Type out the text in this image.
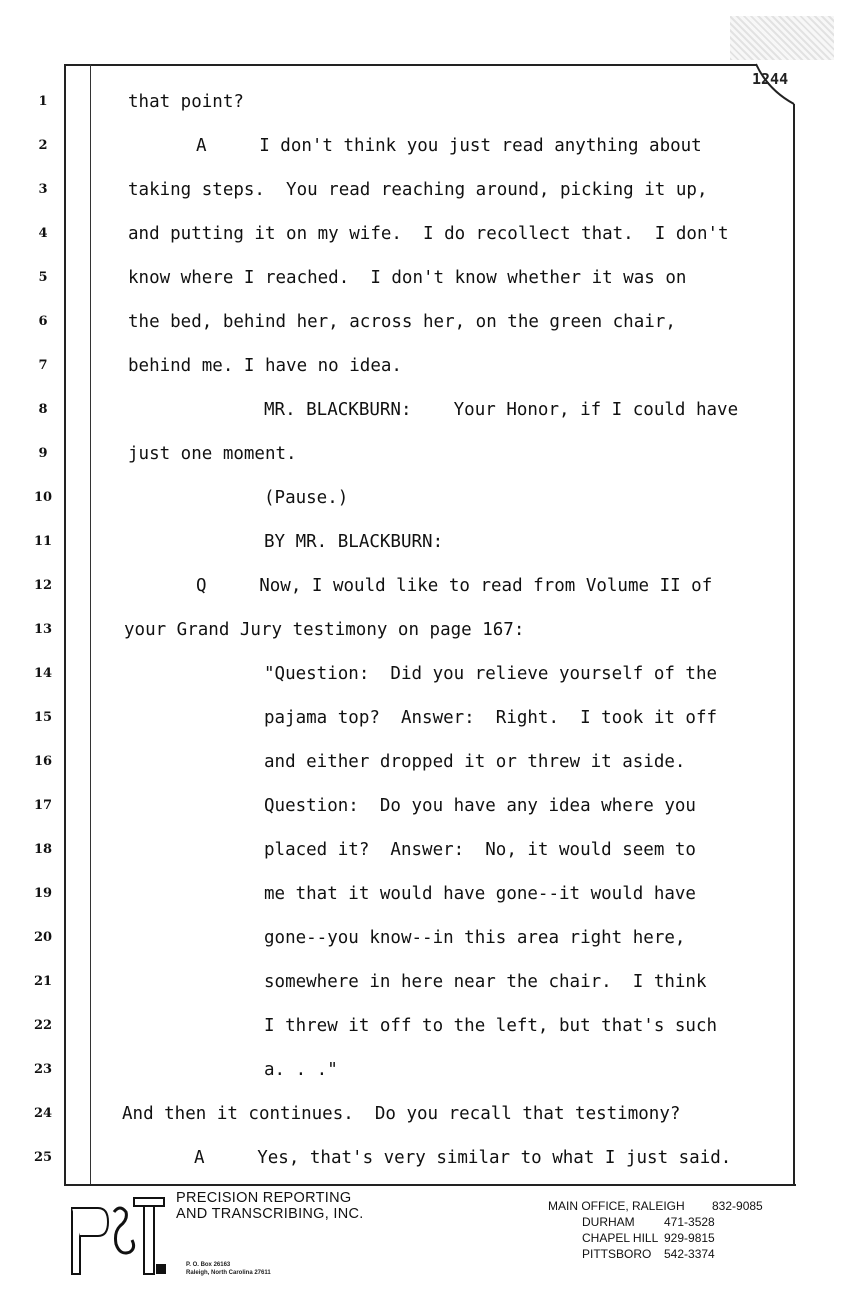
1244
1
2
3
4
5
6
7
8
9
10
11
12
13
14
15
16
17
18
19
20
21
22
23
24
25
that point?
A     I don't think you just read anything about
taking steps.  You read reaching around, picking it up,
and putting it on my wife.  I do recollect that.  I don't
know where I reached.  I don't know whether it was on
the bed, behind her, across her, on the green chair,
behind me. I have no idea.
MR. BLACKBURN:    Your Honor, if I could have
just one moment.
(Pause.)
BY MR. BLACKBURN:
Q     Now, I would like to read from Volume II of
your Grand Jury testimony on page 167:
"Question:  Did you relieve yourself of the
pajama top?  Answer:  Right.  I took it off
and either dropped it or threw it aside.
Question:  Do you have any idea where you
placed it?  Answer:  No, it would seem to
me that it would have gone--it would have
gone--you know--in this area right here,
somewhere in here near the chair.  I think
I threw it off to the left, but that's such
a. . ."
And then it continues.  Do you recall that testimony?
A     Yes, that's very similar to what I just said.
P&T	PRECISION REPORTING
AND TRANSCRIBING, INC.
P. O. Box 26163
Raleigh, North Carolina 27611
MAIN OFFICE, RALEIGH 832-9085
DURHAM 471-3528
CHAPEL HILL 929-9815
PITTSBORO 542-3374
